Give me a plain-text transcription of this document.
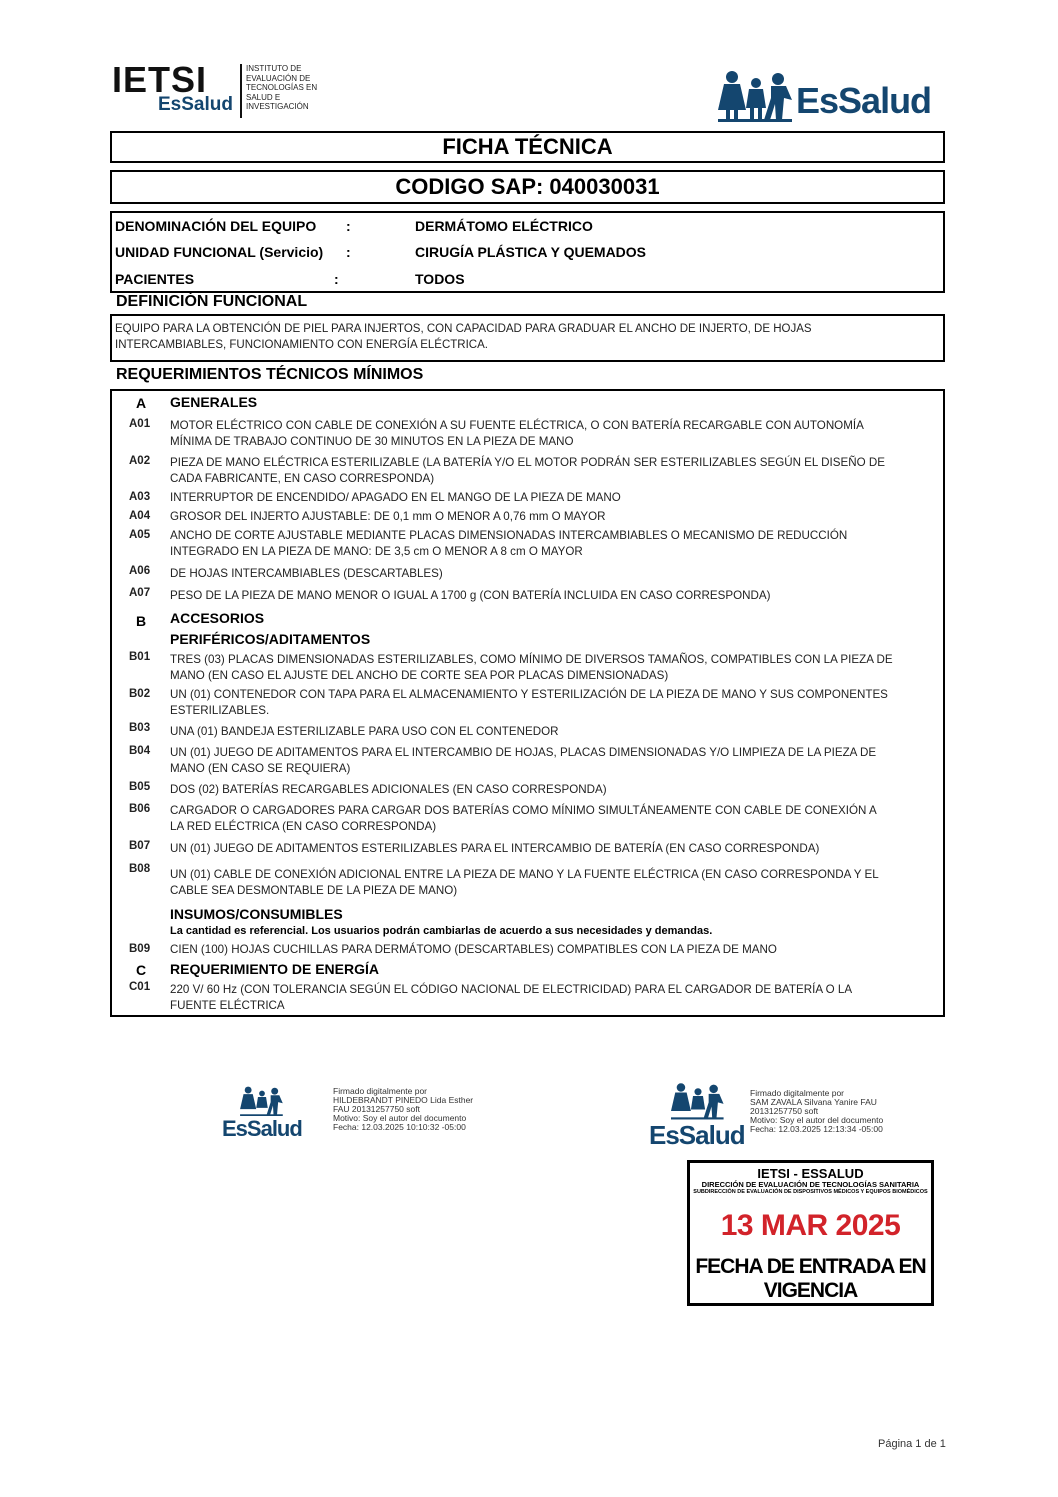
IETSI
EsSalud
INSTITUTO DE
EVALUACIÓN DE
TECNOLOGÍAS EN
SALUD E
INVESTIGACIÓN	EsSalud
FICHA TÉCNICA
CODIGO SAP: 040030031
DENOMINACIÓN DEL EQUIPO :	DERMÁTOMO ELÉCTRICO
UNIDAD FUNCIONAL (Servicio) :	CIRUGÍA PLÁSTICA Y QUEMADOS
PACIENTES	:	TODOS
DEFINICIÓN FUNCIONAL
EQUIPO PARA LA OBTENCIÓN DE PIEL PARA INJERTOS, CON CAPACIDAD PARA GRADUAR EL ANCHO DE INJERTO, DE HOJAS
INTERCAMBIABLES, FUNCIONAMIENTO CON ENERGÍA ELÉCTRICA.
REQUERIMIENTOS TÉCNICOS MÍNIMOS
A GENERALES
A01 MOTOR ELÉCTRICO CON CABLE DE CONEXIÓN A SU FUENTE ELÉCTRICA, O CON BATERÍA RECARGABLE CON AUTONOMÍA
MÍNIMA DE TRABAJO CONTINUO DE 30 MINUTOS EN LA PIEZA DE MANO
A02 PIEZA DE MANO ELÉCTRICA ESTERILIZABLE (LA BATERÍA Y/O EL MOTOR PODRÁN SER ESTERILIZABLES SEGÚN EL DISEÑO DE
CADA FABRICANTE, EN CASO CORRESPONDA)
A03 INTERRUPTOR DE ENCENDIDO/ APAGADO EN EL MANGO DE LA PIEZA DE MANO
A04 GROSOR DEL INJERTO AJUSTABLE: DE 0,1 mm O MENOR A 0,76 mm O MAYOR
A05 ANCHO DE CORTE AJUSTABLE MEDIANTE PLACAS DIMENSIONADAS INTERCAMBIABLES O MECANISMO DE REDUCCIÓN
INTEGRADO EN LA PIEZA DE MANO: DE 3,5 cm O MENOR A 8 cm O MAYOR
A06 DE HOJAS INTERCAMBIABLES (DESCARTABLES)
A07 PESO DE LA PIEZA DE MANO MENOR O IGUAL A 1700 g (CON BATERÍA INCLUIDA EN CASO CORRESPONDA)
B ACCESORIOS
PERIFÉRICOS/ADITAMENTOS
B01 TRES (03) PLACAS DIMENSIONADAS ESTERILIZABLES, COMO MÍNIMO DE DIVERSOS TAMAÑOS, COMPATIBLES CON LA PIEZA DE
MANO (EN CASO EL AJUSTE DEL ANCHO DE CORTE SEA POR PLACAS DIMENSIONADAS)
B02 UN (01) CONTENEDOR CON TAPA PARA EL ALMACENAMIENTO Y ESTERILIZACIÓN DE LA PIEZA DE MANO Y SUS COMPONENTES
ESTERILIZABLES.
B03 UNA (01) BANDEJA ESTERILIZABLE PARA USO CON EL CONTENEDOR
B04 UN (01) JUEGO DE ADITAMENTOS PARA EL INTERCAMBIO DE HOJAS, PLACAS DIMENSIONADAS Y/O LIMPIEZA DE LA PIEZA DE
MANO (EN CASO SE REQUIERA)
B05 DOS (02) BATERÍAS RECARGABLES ADICIONALES (EN CASO CORRESPONDA)
B06 CARGADOR O CARGADORES PARA CARGAR DOS BATERÍAS COMO MÍNIMO SIMULTÁNEAMENTE CON CABLE DE CONEXIÓN A
LA RED ELÉCTRICA (EN CASO CORRESPONDA)
B07 UN (01) JUEGO DE ADITAMENTOS ESTERILIZABLES PARA EL INTERCAMBIO DE BATERÍA (EN CASO CORRESPONDA)
B08 UN (01) CABLE DE CONEXIÓN ADICIONAL ENTRE LA PIEZA DE MANO Y LA FUENTE ELÉCTRICA (EN CASO CORRESPONDA Y EL
CABLE SEA DESMONTABLE DE LA PIEZA DE MANO)
INSUMOS/CONSUMIBLES
La cantidad es referencial. Los usuarios podrán cambiarlas de acuerdo a sus necesidades y demandas.
B09 CIEN (100) HOJAS CUCHILLAS PARA DERMÁTOMO (DESCARTABLES) COMPATIBLES CON LA PIEZA DE MANO
C REQUERIMIENTO DE ENERGÍA
C01 220 V/ 60 Hz (CON TOLERANCIA SEGÚN EL CÓDIGO NACIONAL DE ELECTRICIDAD) PARA EL CARGADOR DE BATERÍA O LA
FUENTE ELÉCTRICA
EsSalud
Firmado digitalmente por
HILDEBRANDT PINEDO Lida Esther
FAU 20131257750 soft
Motivo: Soy el autor del documento
Fecha: 12.03.2025 10:10:32 -05:00	EsSalud
Firmado digitalmente por
SAM ZAVALA Silvana Yanire FAU
20131257750 soft
Motivo: Soy el autor del documento
Fecha: 12.03.2025 12:13:34 -05:00
IETSI - ESSALUD
DIRECCIÓN DE EVALUACIÓN DE TECNOLOGÍAS SANITARIA
SUBDIRECCIÓN DE EVALUACIÓN DE DISPOSITIVOS MÉDICOS Y EQUIPOS BIOMÉDICOS
13 MAR 2025
FECHA DE ENTRADA EN VIGENCIA
Página 1 de 1
